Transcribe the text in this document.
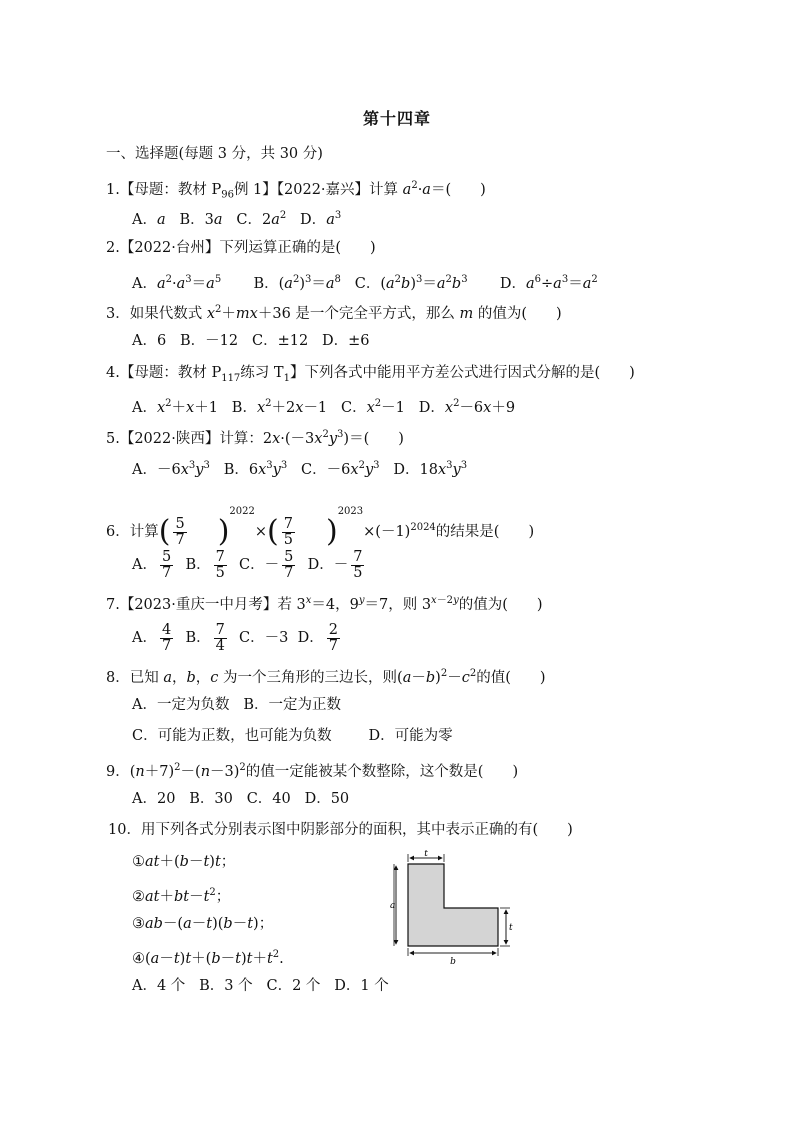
第十四章
一、选择题(每题 3 分，共 30 分)
1.【母题：教材 $P_{96}$例 1】【2022·嘉兴】计算 $a^2\cdot a=$(　　)
A．a B．3a C．$2a^2$ D．$a^3$
2.【2022·台州】下列运算正确的是(　　)
A．$a^2\cdot a^3=a^5$ B．$(a^2)^3=a^8$ C．$(a^2b)^3=a^2b^3$ D．$a^6\div a^3=a^2$
3．如果代数式 $x^2+mx+36$ 是一个完全平方式，那么 m 的值为(　　)
A．6 B．－12 C．±12 D．±6
4.【母题：教材 $P_{117}$练习 $T_1$】下列各式中能用平方差公式进行因式分解的是(　　)
A．$x^2+x+1$ B．$x^2+2x-1$ C．$x^2-1$ D．$x^2-6x+9$
5.【2022·陕西】计算：$2x\cdot(-3x^2y^3)=$(　　)
A．$-6x^3y^3$ B．$6x^3y^3$ C．$-6x^2y^3$ D．$18x^3y^3$
6．计算( $\frac{5}{7} )^{2022}\times( \frac{7}{5} )^{2023}\times(-1)^{2024}$的结果是(　　)
A． $\frac{5}{7}$ B． $\frac{7}{5}$ C．－ $\frac{5}{7}$ D．－ $\frac{7}{5}$
7.【2023·重庆一中月考】若 $3^x=4$，$9^y=7$，则 $3^{x-2y}$的值为(　　)
A． $\frac{4}{7}$ B． $\frac{7}{4}$ C．－3 D． $\frac{2}{7}$
8．已知 a，b，c 为一个三角形的三边长，则$(a-b)^2-c^2$的值(　　)
A．一定为负数 B．一定为正数
C．可能为正数，也可能为负数	D．可能为零
9．$(n+7)^2-(n-3)^2$的值一定能被某个数整除，这个数是(　　)
A．20 B．30 C．40 D．50
10．用下列各式分别表示图中阴影部分的面积，其中表示正确的有(　　)
①at＋(b－t)t；
$②at+bt-t^2$；
③ab－(a－t)(b－t)；
$④(a-t)t+(b-t)t+t^2$.
A．4 个 B．3 个 C．2 个 D．1 个
t
a
t
b
